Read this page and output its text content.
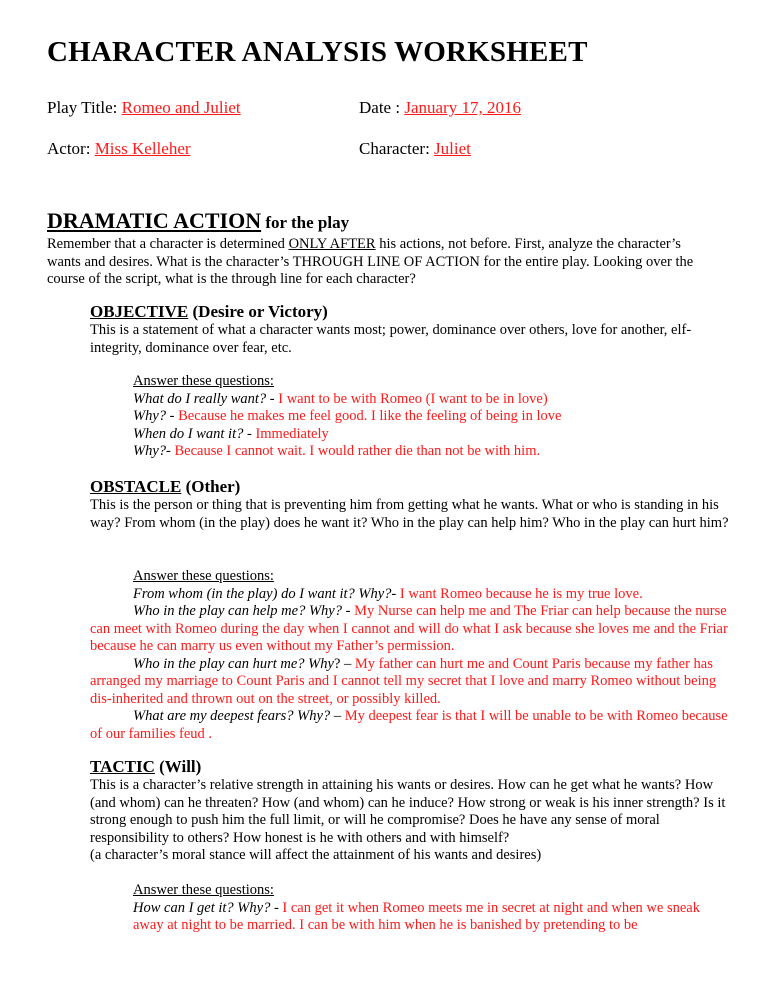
CHARACTER ANALYSIS WORKSHEET
Play Title: Romeo and Juliet	Date : January 17, 2016
Actor: Miss Kelleher	Character: Juliet
DRAMATIC ACTION for the play
Remember that a character is determined ONLY AFTER his actions, not before. First, analyze the character’s wants and desires. What is the character’s THROUGH LINE OF ACTION for the entire play. Looking over the course of the script, what is the through line for each character?
OBJECTIVE (Desire or Victory)
This is a statement of what a character wants most; power, dominance over others, love for another, elf-integrity, dominance over fear, etc.
Answer these questions:
What do I really want? - I want to be with Romeo (I want to be in love)
Why? - Because he makes me feel good. I like the feeling of being in love
When do I want it? - Immediately
Why?- Because I cannot wait. I would rather die than not be with him.
OBSTACLE (Other)
This is the person or thing that is preventing him from getting what he wants. What or who is standing in his way? From whom (in the play) does he want it? Who in the play can help him? Who in the play can hurt him?
Answer these questions:
From whom (in the play) do I want it? Why?- I want Romeo because he is my true love.
Who in the play can help me? Why? - My Nurse can help me and The Friar can help because the nurse can meet with Romeo during the day when I cannot and will do what I ask because she loves me and the Friar because he can marry us even without my Father’s permission.
Who in the play can hurt me? Why? – My father can hurt me and Count Paris because my father has arranged my marriage to Count Paris and I cannot tell my secret that I love and marry Romeo without being dis-inherited and thrown out on the street, or possibly killed.
What are my deepest fears? Why? – My deepest fear is that I will be unable to be with Romeo because of our families feud .
TACTIC (Will)
This is a character’s relative strength in attaining his wants or desires. How can he get what he wants? How (and whom) can he threaten? How (and whom) can he induce? How strong or weak is his inner strength? Is it strong enough to push him the full limit, or will he compromise? Does he have any sense of moral responsibility to others? How honest is he with others and with himself?
(a character’s moral stance will affect the attainment of his wants and desires)
Answer these questions:
How can I get it? Why? - I can get it when Romeo meets me in secret at night and when we sneak away at night to be married. I can be with him when he is banished by pretending to be
